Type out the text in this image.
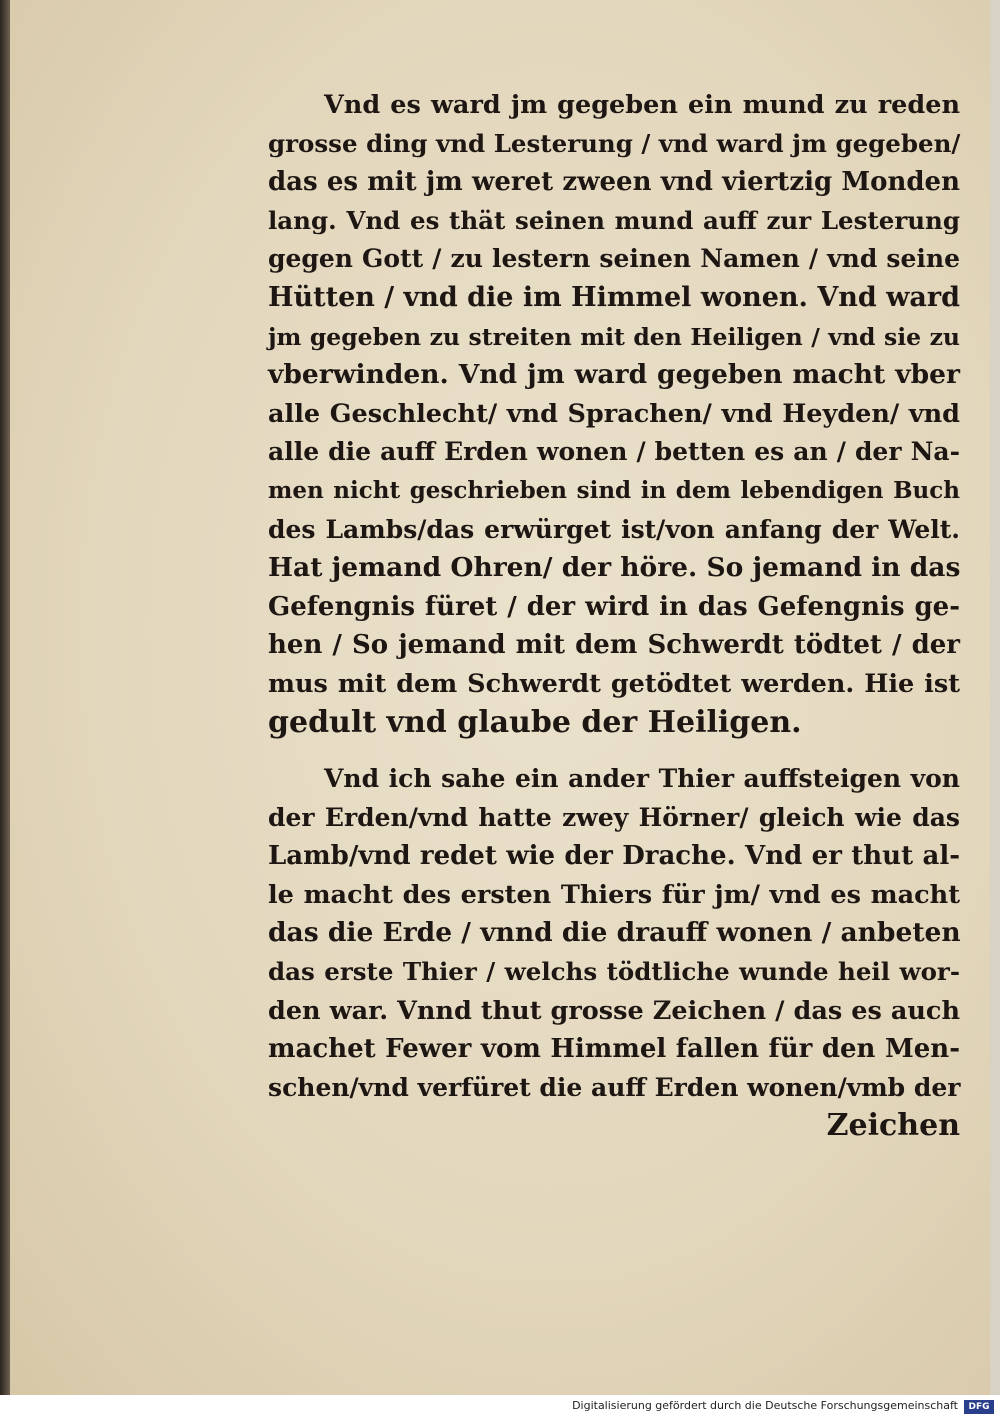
Vnd es ward jm gegeben ein mund zu reden
grosse ding vnd Lesterung / vnd ward jm gegeben/
das es mit jm weret zween vnd viertzig Monden
lang. Vnd es thät seinen mund auff zur Lesterung
gegen Gott / zu lestern seinen Namen / vnd seine
Hütten / vnd die im Himmel wonen. Vnd ward
jm gegeben zu streiten mit den Heiligen / vnd sie zu
vberwinden. Vnd jm ward gegeben macht vber
alle Geschlecht/ vnd Sprachen/ vnd Heyden/ vnd
alle die auff Erden wonen / betten es an / der Na-
men nicht geschrieben sind in dem lebendigen Buch
des Lambs/das erwürget ist/von anfang der Welt.
Hat jemand Ohren/ der höre. So jemand in das
Gefengnis füret / der wird in das Gefengnis ge-
hen / So jemand mit dem Schwerdt tödtet / der
mus mit dem Schwerdt getödtet werden. Hie ist
gedult vnd glaube der Heiligen.
Vnd ich sahe ein ander Thier auffsteigen von
der Erden/vnd hatte zwey Hörner/ gleich wie das
Lamb/vnd redet wie der Drache. Vnd er thut al-
le macht des ersten Thiers für jm/ vnd es macht
das die Erde / vnnd die drauff wonen / anbeten
das erste Thier / welchs tödtliche wunde heil wor-
den war. Vnnd thut grosse Zeichen / das es auch
machet Fewer vom Himmel fallen für den Men-
schen/vnd verfüret die auff Erden wonen/vmb der
Zeichen
Digitalisierung gefördert durch die Deutsche Forschungsgemeinschaft	DFG
